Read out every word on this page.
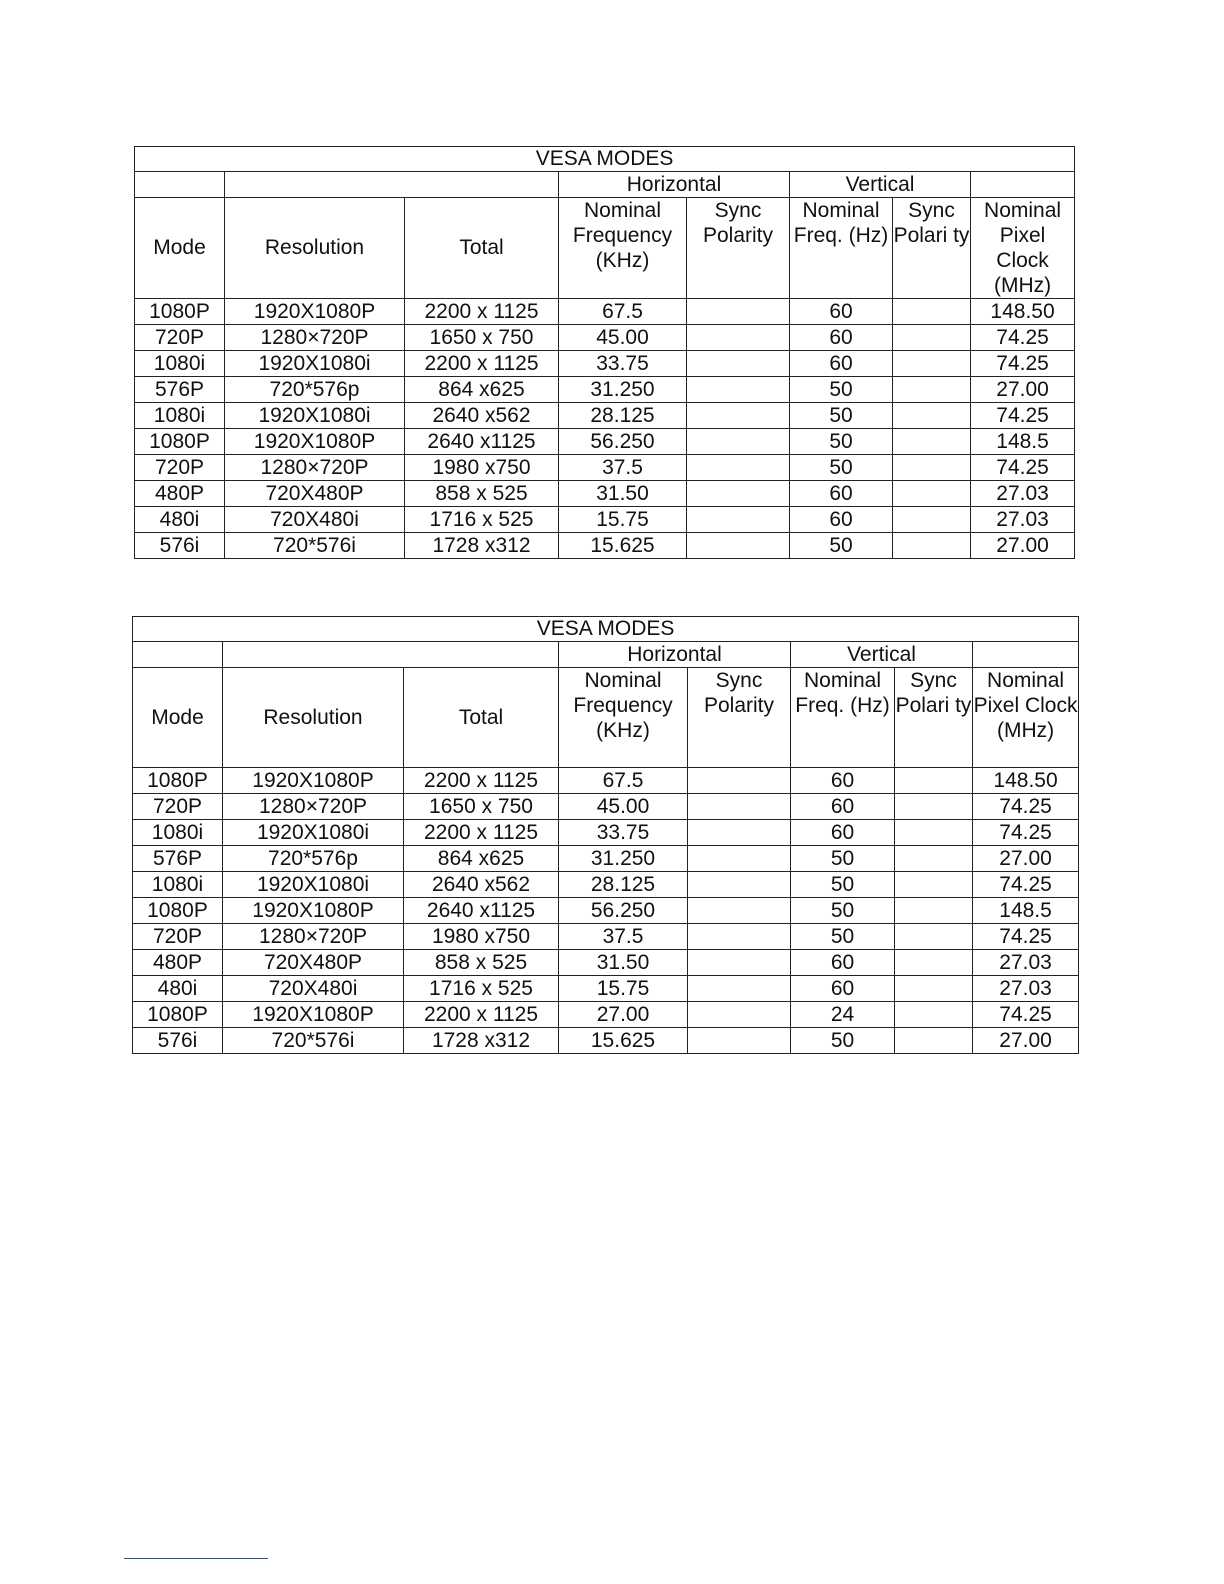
VESA MODES							
			Horizontal		Vertical		
Mode	Resolution	Total	Nominal Frequency (KHz)	Sync Polarity	Nominal Freq. (Hz)	Sync Polari ty	Nominal Pixel Clock (MHz)
1080P	1920X1080P	2200 x 1125	67.5		60		148.50
720P	1280×720P	1650 x 750	45.00		60		74.25
1080i	1920X1080i	2200 x 1125	33.75		60		74.25
576P	720*576p	864 x625	31.250		50		27.00
1080i	1920X1080i	2640 x562	28.125		50		74.25
1080P	1920X1080P	2640 x1125	56.250		50		148.5
720P	1280×720P	1980 x750	37.5		50		74.25
480P	720X480P	858 x 525	31.50		60		27.03
480i	720X480i	1716 x 525	15.75		60		27.03
576i	720*576i	1728 x312	15.625		50		27.00
VESA MODES							
			Horizontal		Vertical		
Mode	Resolution	Total	Nominal Frequency (KHz)	Sync Polarity	Nominal Freq. (Hz)	Sync Polari ty	Nominal Pixel Clock (MHz)
1080P	1920X1080P	2200 x 1125	67.5		60		148.50
720P	1280×720P	1650 x 750	45.00		60		74.25
1080i	1920X1080i	2200 x 1125	33.75		60		74.25
576P	720*576p	864 x625	31.250		50		27.00
1080i	1920X1080i	2640 x562	28.125		50		74.25
1080P	1920X1080P	2640 x1125	56.250		50		148.5
720P	1280×720P	1980 x750	37.5		50		74.25
480P	720X480P	858 x 525	31.50		60		27.03
480i	720X480i	1716 x 525	15.75		60		27.03
1080P	1920X1080P	2200 x 1125	27.00		24		74.25
576i	720*576i	1728 x312	15.625		50		27.00
